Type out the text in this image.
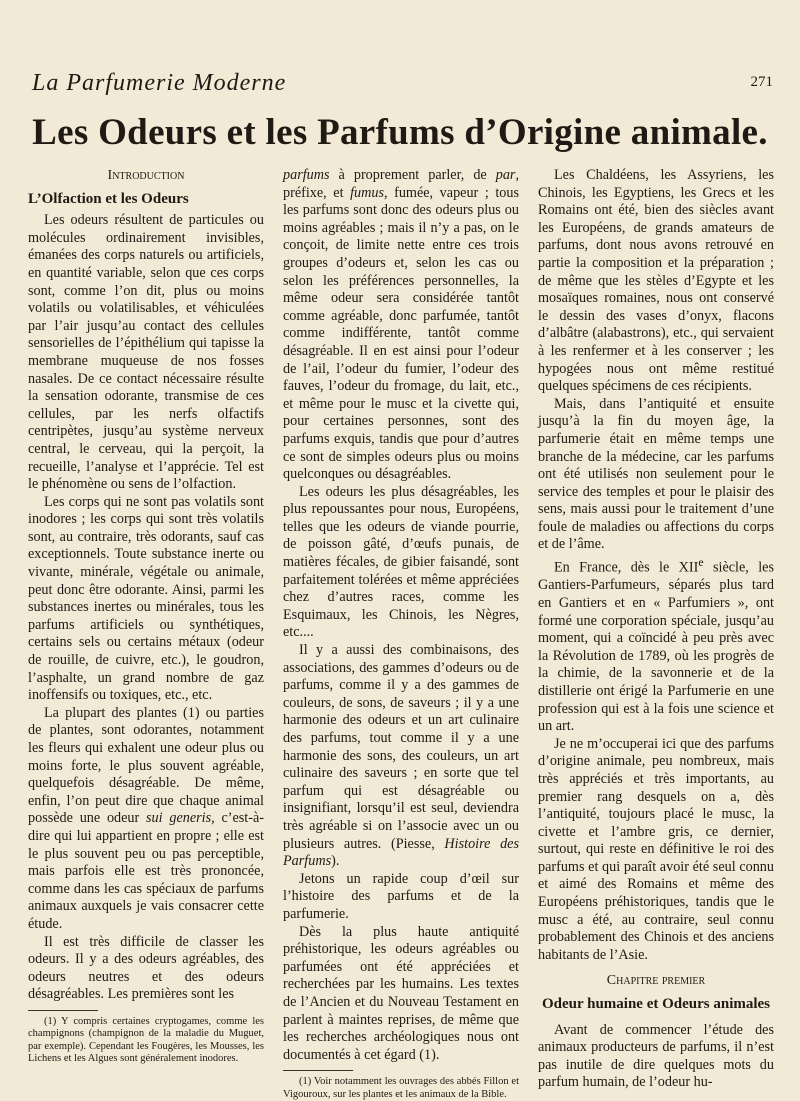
La Parfumerie Moderne	271
Les Odeurs et les Parfums d’Origine animale.
Introduction
L’Olfaction et les Odeurs

Les odeurs résultent de particules ou molécules ordinairement invisibles, émanées des corps naturels ou artificiels, en quantité variable, selon que ces corps sont, comme l’on dit, plus ou moins volatils ou volatilisables, et véhiculées par l’air jusqu’au contact des cellules sensorielles de l’épithélium qui tapisse la membrane muqueuse de nos fosses nasales. De ce contact nécessaire résulte la sensation odorante, transmise de ces cellules, par les nerfs olfactifs centripètes, jusqu’au système nerveux central, le cerveau, qui la perçoit, la recueille, l’analyse et l’apprécie. Tel est le phénomène ou sens de l’olfaction.

Les corps qui ne sont pas volatils sont inodores ; les corps qui sont très volatils sont, au contraire, très odorants, sauf cas exceptionnels. Toute substance inerte ou vivante, minérale, végétale ou animale, peut donc être odorante. Ainsi, parmi les substances inertes ou minérales, tous les parfums artificiels ou synthétiques, certains sels ou certains métaux (odeur de rouille, de cuivre, etc.), le goudron, l’asphalte, un grand nombre de gaz inoffensifs ou toxiques, etc., etc.

La plupart des plantes (1) ou parties de plantes, sont odorantes, notamment les fleurs qui exhalent une odeur plus ou moins forte, le plus souvent agréable, quelquefois désagréable. De même, enfin, l’on peut dire que chaque animal possède une odeur sui generis, c’est-à-dire qui lui appartient en propre ; elle est le plus souvent peu ou pas perceptible, mais parfois elle est très prononcée, comme dans les cas spéciaux de parfums animaux auxquels je vais consacrer cette étude.

Il est très difficile de classer les odeurs. Il y a des odeurs agréables, des odeurs neutres et des odeurs désagréables. Les premières sont les

(1) Y compris certaines cryptogames, comme les champignons (champignon de la maladie du Muguet, par exemple). Cependant les Fougères, les Mousses, les Lichens et les Algues sont généralement inodores.

parfums à proprement parler, de par, préfixe, et fumus, fumée, vapeur ; tous les parfums sont donc des odeurs plus ou moins agréables ; mais il n’y a pas, on le conçoit, de limite nette entre ces trois groupes d’odeurs et, selon les cas ou selon les préférences personnelles, la même odeur sera considérée tantôt comme agréable, donc parfumée, tantôt comme indifférente, tantôt comme désagréable. Il en est ainsi pour l’odeur de l’ail, l’odeur du fumier, l’odeur des fauves, l’odeur du fromage, du lait, etc., et même pour le musc et la civette qui, pour certaines personnes, sont des parfums exquis, tandis que pour d’autres ce sont de simples odeurs plus ou moins quelconques ou désagréables.

Les odeurs les plus désagréables, les plus repoussantes pour nous, Européens, telles que les odeurs de viande pourrie, de poisson gâté, d’œufs punais, de matières fécales, de gibier faisandé, sont parfaitement tolérées et même appréciées chez d’autres races, comme les Esquimaux, les Chinois, les Nègres, etc....

Il y a aussi des combinaisons, des associations, des gammes d’odeurs ou de parfums, comme il y a des gammes de couleurs, de sons, de saveurs ; il y a une harmonie des odeurs et un art culinaire des parfums, tout comme il y a une harmonie des sons, des couleurs, un art culinaire des saveurs ; en sorte que tel parfum qui est désagréable ou insignifiant, lorsqu’il est seul, deviendra très agréable si on l’associe avec un ou plusieurs autres. (Piesse, Histoire des Parfums).

Jetons un rapide coup d’œil sur l’histoire des parfums et de la parfumerie.

Dès la plus haute antiquité préhistorique, les odeurs agréables ou parfumées ont été appréciées et recherchées par les humains. Les textes de l’Ancien et du Nouveau Testament en parlent à maintes reprises, de même que les recherches archéologiques nous ont documentés à cet égard (1).

(1) Voir notamment les ouvrages des abbés Fillon et Vigouroux, sur les plantes et les animaux de la Bible.

Les Chaldéens, les Assyriens, les Chinois, les Egyptiens, les Grecs et les Romains ont été, bien des siècles avant les Européens, de grands amateurs de parfums, dont nous avons retrouvé en partie la composition et la préparation ; de même que les stèles d’Egypte et les mosaïques romaines, nous ont conservé le dessin des vases d’onyx, flacons d’albâtre (alabastrons), etc., qui servaient à les renfermer et à les conserver ; les hypogées nous ont même restitué quelques spécimens de ces récipients.

Mais, dans l’antiquité et ensuite jusqu’à la fin du moyen âge, la parfumerie était en même temps une branche de la médecine, car les parfums ont été utilisés non seulement pour le service des temples et pour le plaisir des sens, mais aussi pour le traitement d’une foule de maladies ou affections du corps et de l’âme.

En France, dès le XIIe siècle, les Gantiers-Parfumeurs, séparés plus tard en Gantiers et en « Parfumiers », ont formé une corporation spéciale, jusqu’au moment, qui a coïncidé à peu près avec la Révolution de 1789, où les progrès de la chimie, de la savonnerie et de la distillerie ont érigé la Parfumerie en une profession qui est à la fois une science et un art.

Je ne m’occuperai ici que des parfums d’origine animale, peu nombreux, mais très appréciés et très importants, au premier rang desquels on a, dès l’antiquité, toujours placé le musc, la civette et l’ambre gris, ce dernier, surtout, qui reste en définitive le roi des parfums et qui paraît avoir été seul connu et aimé des Romains et même des Européens préhistoriques, tandis que le musc a été, au contraire, seul connu probablement des Chinois et des anciens habitants de l’Asie.

Chapitre premier
Odeur humaine et Odeurs animales

Avant de commencer l’étude des animaux producteurs de parfums, il n’est pas inutile de dire quelques mots du parfum humain, de l’odeur hu-
